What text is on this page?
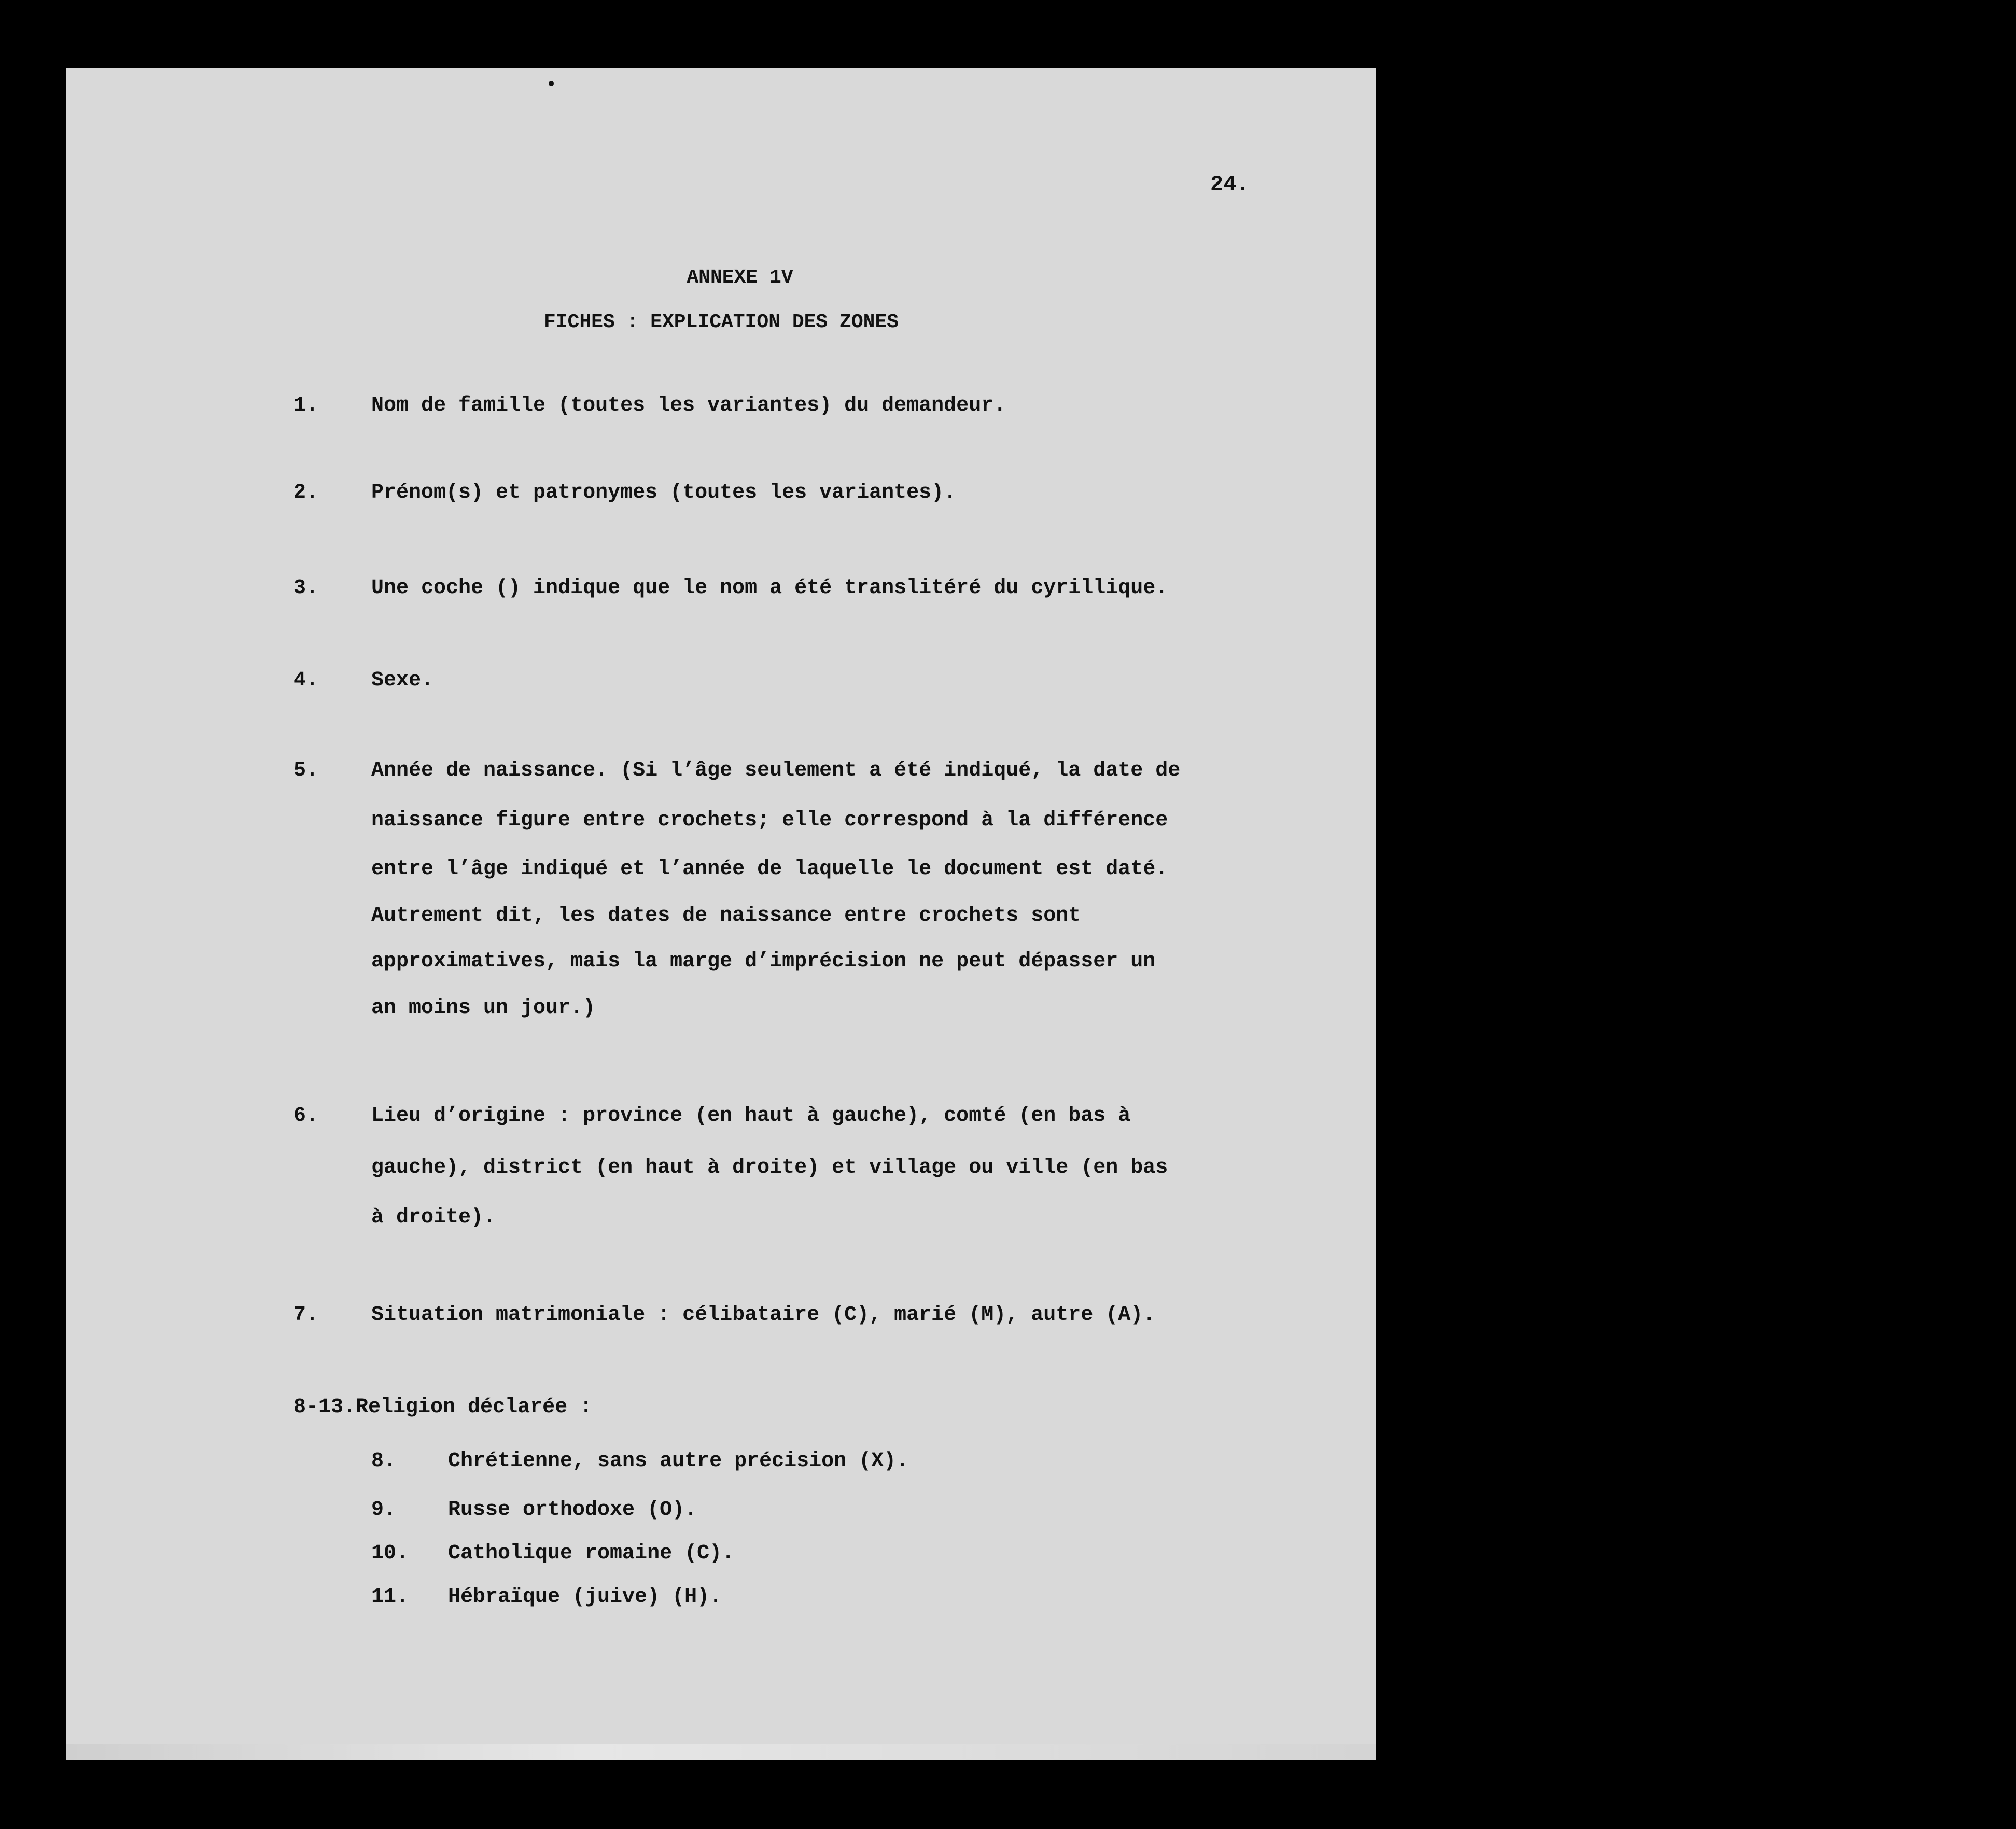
24.
ANNEXE 1V
FICHES : EXPLICATION DES ZONES
1.	Nom de famille (toutes les variantes) du demandeur.
2.	Prénom(s) et patronymes (toutes les variantes).
3.	Une coche () indique que le nom a été translitéré du cyrillique.
4.	Sexe.
5.	Année de naissance. (Si l’âge seulement a été indiqué, la date de
naissance figure entre crochets; elle correspond à la différence
entre l’âge indiqué et l’année de laquelle le document est daté.
Autrement dit, les dates de naissance entre crochets sont
approximatives, mais la marge d’imprécision ne peut dépasser un
an moins un jour.)
6.	Lieu d’origine : province (en haut à gauche), comté (en bas à
gauche), district (en haut à droite) et village ou ville (en bas
à droite).
7.	Situation matrimoniale : célibataire (C), marié (M), autre (A).
8-13.Religion déclarée :
8. Chrétienne, sans autre précision (X).
9. Russe orthodoxe (O).
10. Catholique romaine (C).
11. Hébraïque (juive) (H).
